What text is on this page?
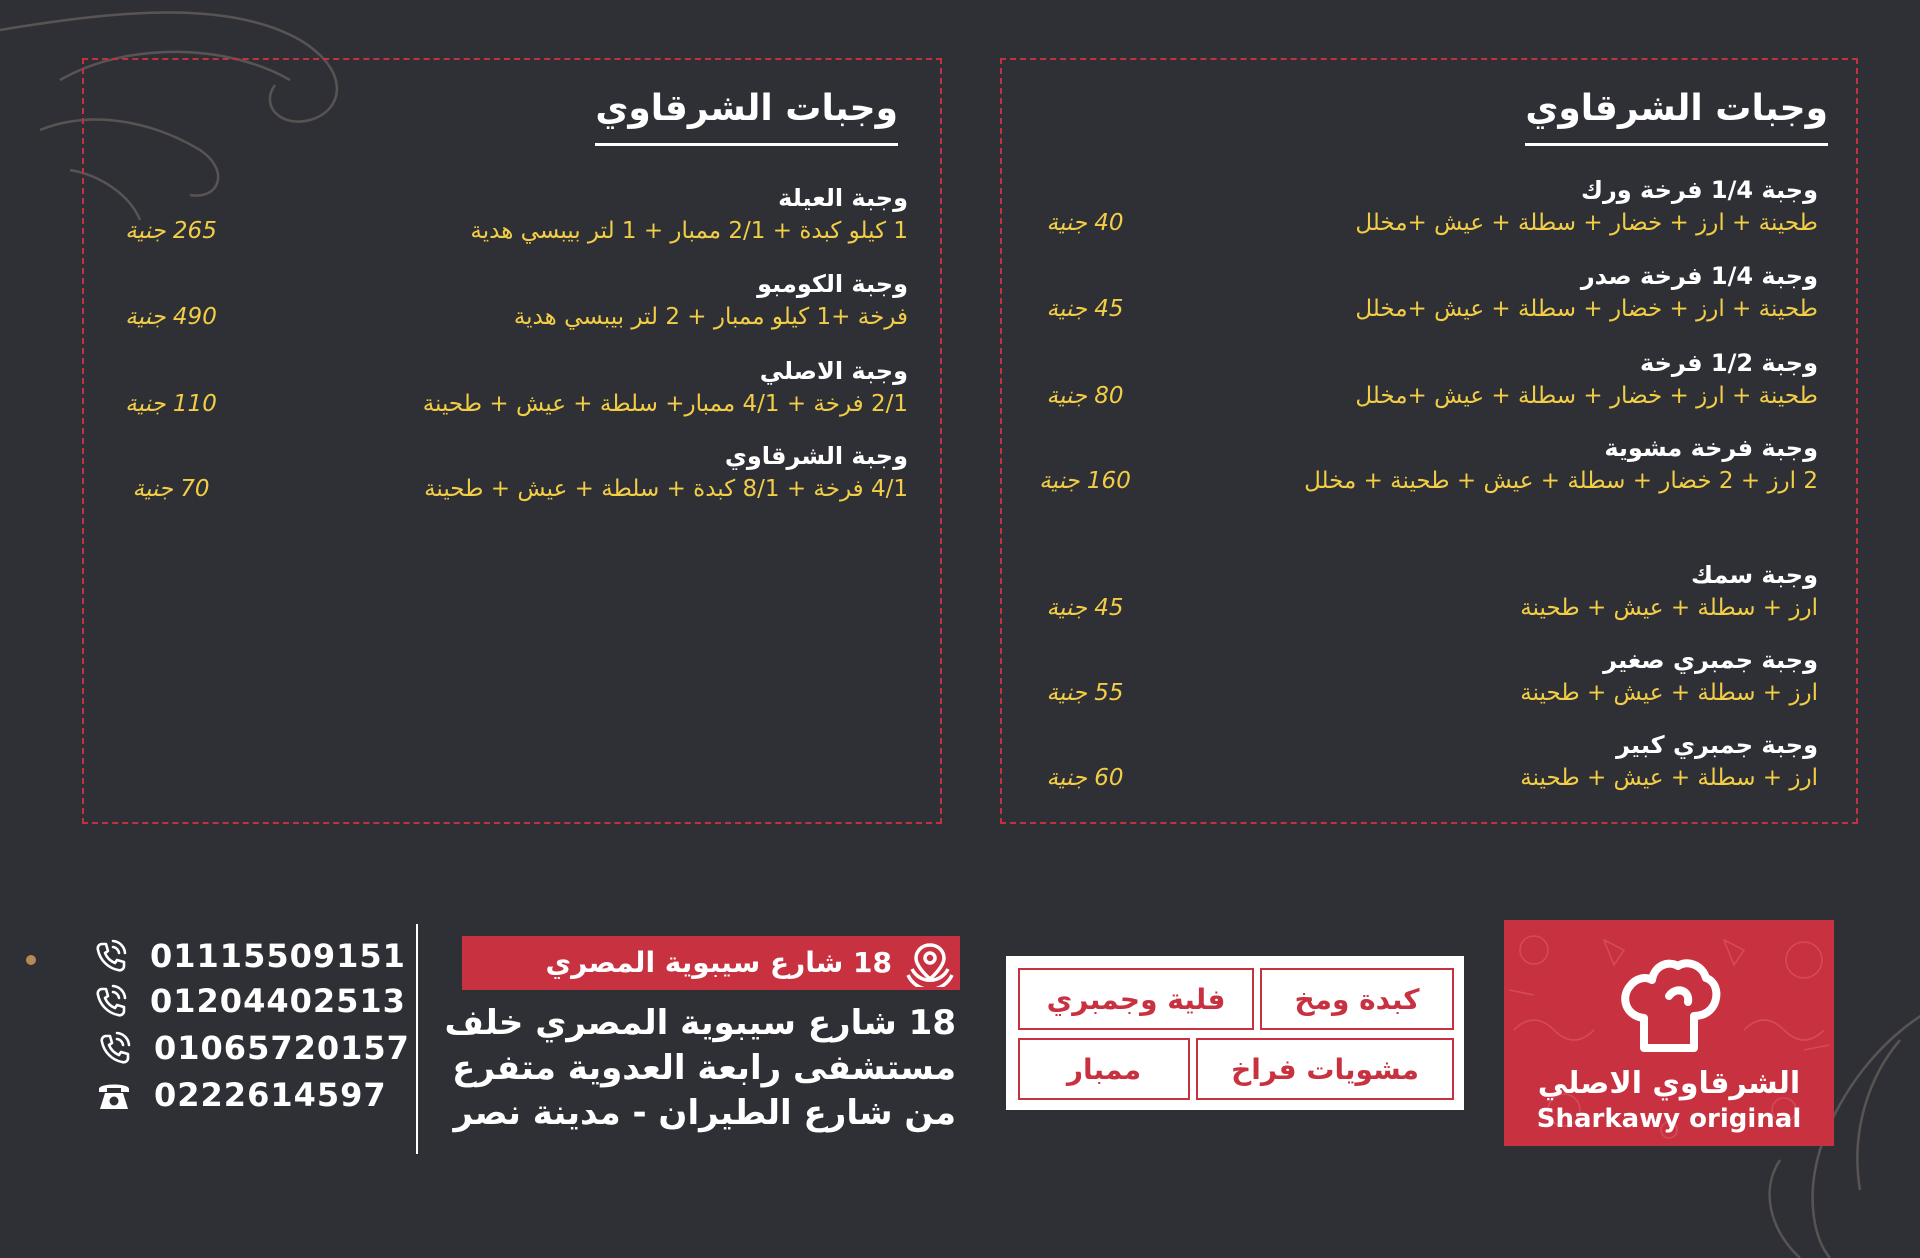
وجبات الشرقاوي
وجبة 1/4 فرخة ورك
طحينة + ارز + خضار + سطلة + عيش +مخلل
40 جنية
وجبة 1/4 فرخة صدر
طحينة + ارز + خضار + سطلة + عيش +مخلل
45 جنية
وجبة 1/2 فرخة
طحينة + ارز + خضار + سطلة + عيش +مخلل
80 جنية
وجبة فرخة مشوية
2 ارز + 2 خضار + سطلة + عيش + طحينة + مخلل
160 جنية
وجبة سمك
ارز + سطلة + عيش + طحينة
45 جنية
وجبة جمبري صغير
ارز + سطلة + عيش + طحينة
55 جنية
وجبة جمبري كبير
ارز + سطلة + عيش + طحينة
60 جنية
وجبات الشرقاوي
وجبة العيلة
1 كيلو كبدة + 2/1 ممبار + 1 لتر بيبسي هدية
265 جنية
وجبة الكومبو
فرخة +1 كيلو ممبار + 2 لتر بيبسي هدية
490 جنية
وجبة الاصلي
2/1 فرخة + 4/1 ممبار+ سلطة + عيش + طحينة
110 جنية
وجبة الشرقاوي
4/1 فرخة + 8/1 كبدة + سلطة + عيش + طحينة
70 جنية
الشرقاوي الاصلي
Sharkawy original
كبدة ومخ
فلية وجمبري
مشويات فراخ
ممبار
18 شارع سيبوية المصري
18 شارع سيبوية المصري خلف
مستشفى رابعة العدوية متفرع
من شارع الطيران - مدينة نصر
01115509151
01204402513
01065720157
0222614597
